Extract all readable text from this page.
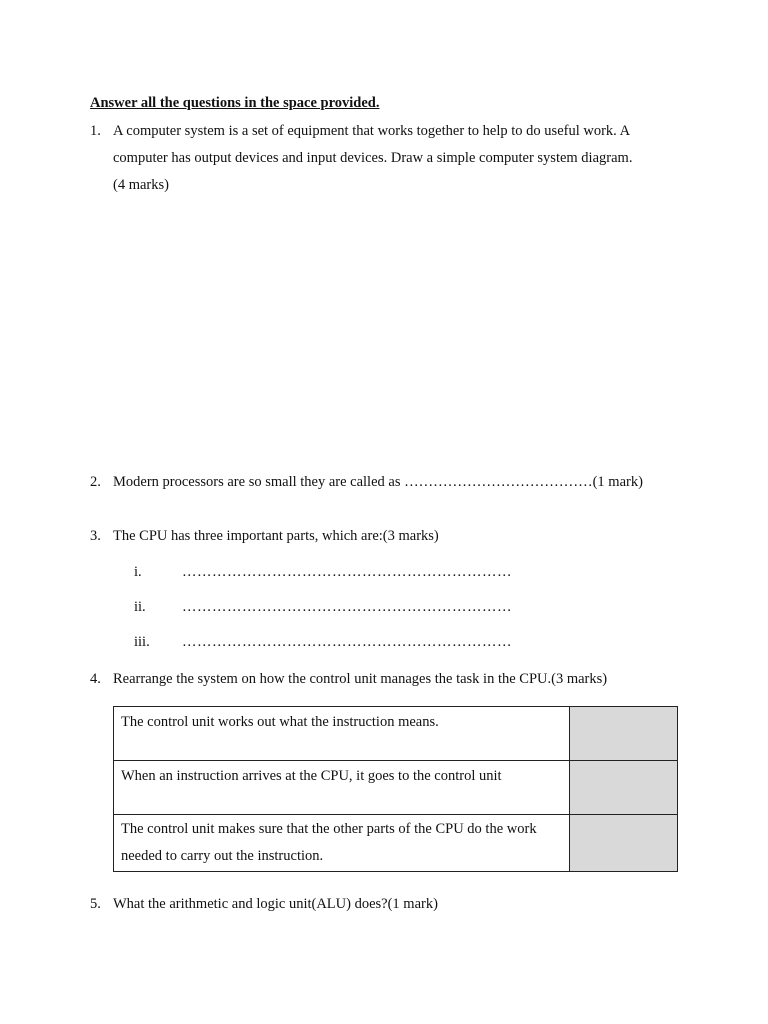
Answer all the questions in the space provided.
1. A computer system is a set of equipment that works together to help to do useful work. A
computer has output devices and input devices. Draw a simple computer system diagram.
(4 marks)
2. Modern processors are so small they are called as …………………………………(1 mark)
3. The CPU has three important parts, which are:(3 marks)
i.	…………………………………………………………
ii.	…………………………………………………………
iii. …………………………………………………………
4. Rearrange the system on how the control unit manages the task in the CPU.(3 marks)
The control unit works out what the instruction means.	
When an instruction arrives at the CPU, it goes to the control unit	
The control unit makes sure that the other parts of the CPU do the work needed to carry out the instruction.	
5. What the arithmetic and logic unit(ALU) does?(1 mark)
